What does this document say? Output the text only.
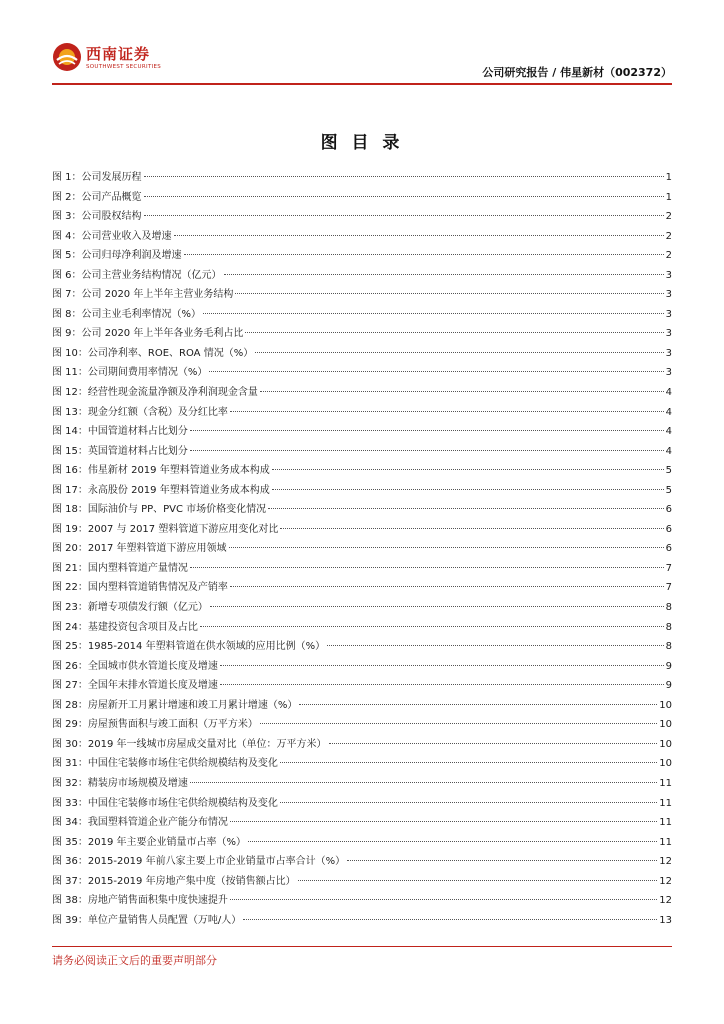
西南证券
SOUTHWEST SECURITIES	公司研究报告 / 伟星新材（002372）
图 目 录
图 1：公司发展历程	1
图 2：公司产品概览	1
图 3：公司股权结构	2
图 4：公司营业收入及增速	2
图 5：公司归母净利润及增速	2
图 6：公司主营业务结构情况（亿元）	3
图 7：公司 2020 年上半年主营业务结构	3
图 8：公司主业毛利率情况（%）	3
图 9：公司 2020 年上半年各业务毛利占比	3
图 10：公司净利率、ROE、ROA 情况（%）	3
图 11：公司期间费用率情况（%）	3
图 12：经营性现金流量净额及净利润现金含量	4
图 13：现金分红额（含税）及分红比率	4
图 14：中国管道材料占比划分	4
图 15：英国管道材料占比划分	4
图 16：伟星新材 2019 年塑料管道业务成本构成	5
图 17：永高股份 2019 年塑料管道业务成本构成	5
图 18：国际油价与 PP、PVC 市场价格变化情况	6
图 19：2007 与 2017 塑料管道下游应用变化对比	6
图 20：2017 年塑料管道下游应用领域	6
图 21：国内塑料管道产量情况	7
图 22：国内塑料管道销售情况及产销率	7
图 23：新增专项债发行额（亿元）	8
图 24：基建投资包含项目及占比	8
图 25：1985-2014 年塑料管道在供水领域的应用比例（%）	8
图 26：全国城市供水管道长度及增速	9
图 27：全国年末排水管道长度及增速	9
图 28：房屋新开工月累计增速和竣工月累计增速（%）	10
图 29：房屋预售面积与竣工面积（万平方米）	10
图 30：2019 年一线城市房屋成交量对比（单位：万平方米）	10
图 31：中国住宅装修市场住宅供给规模结构及变化	10
图 32：精装房市场规模及增速	11
图 33：中国住宅装修市场住宅供给规模结构及变化	11
图 34：我国塑料管道企业产能分布情况	11
图 35：2019 年主要企业销量市占率（%）	11
图 36：2015-2019 年前八家主要上市企业销量市占率合计（%）	12
图 37：2015-2019 年房地产集中度（按销售额占比）	12
图 38：房地产销售面积集中度快速提升	12
图 39：单位产量销售人员配置（万吨/人）	13
请务必阅读正文后的重要声明部分
